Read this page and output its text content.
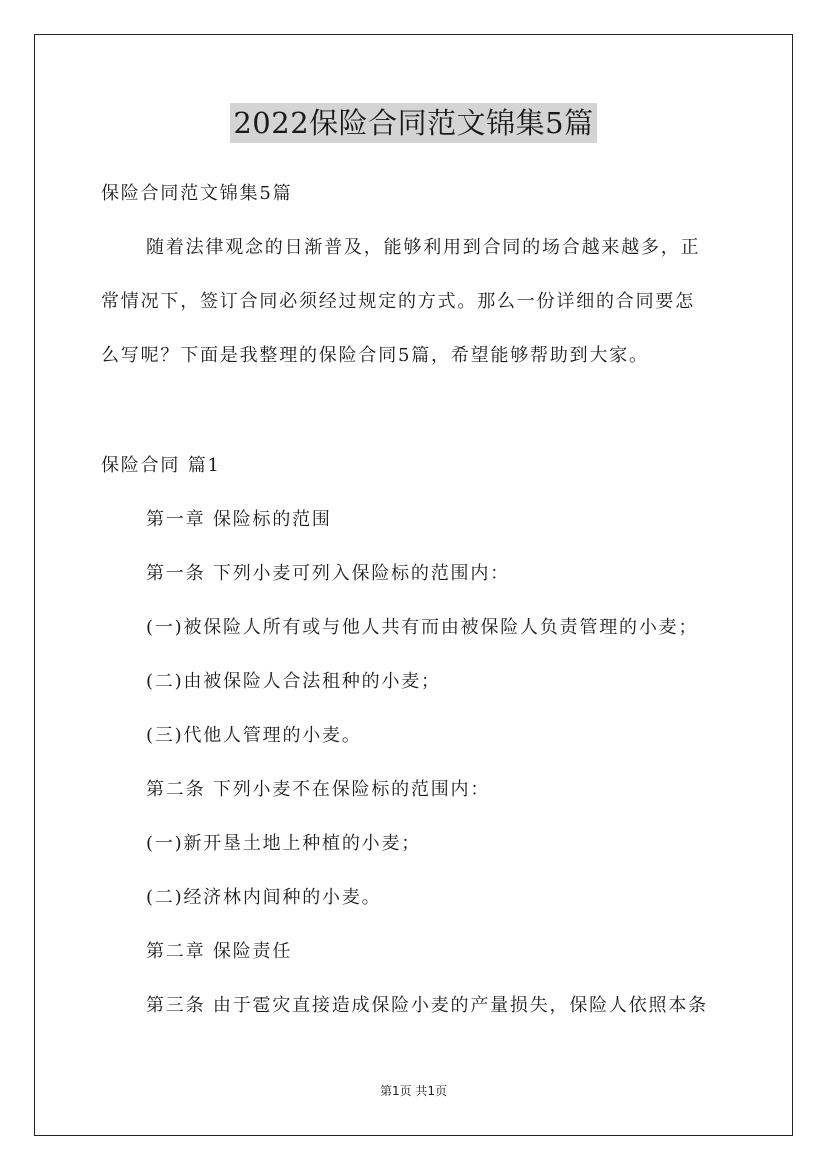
2022保险合同范文锦集5篇
保险合同范文锦集5篇
随着法律观念的日渐普及，能够利用到合同的场合越来越多，正
常情况下，签订合同必须经过规定的方式。那么一份详细的合同要怎
么写呢？下面是我整理的保险合同5篇，希望能够帮助到大家。
保险合同 篇1
第一章 保险标的范围
第一条 下列小麦可列入保险标的范围内：
(一)被保险人所有或与他人共有而由被保险人负责管理的小麦；
(二)由被保险人合法租种的小麦；
(三)代他人管理的小麦。
第二条 下列小麦不在保险标的范围内：
(一)新开垦土地上种植的小麦；
(二)经济林内间种的小麦。
第二章 保险责任
第三条 由于雹灾直接造成保险小麦的产量损失，保险人依照本条
第1页 共1页
